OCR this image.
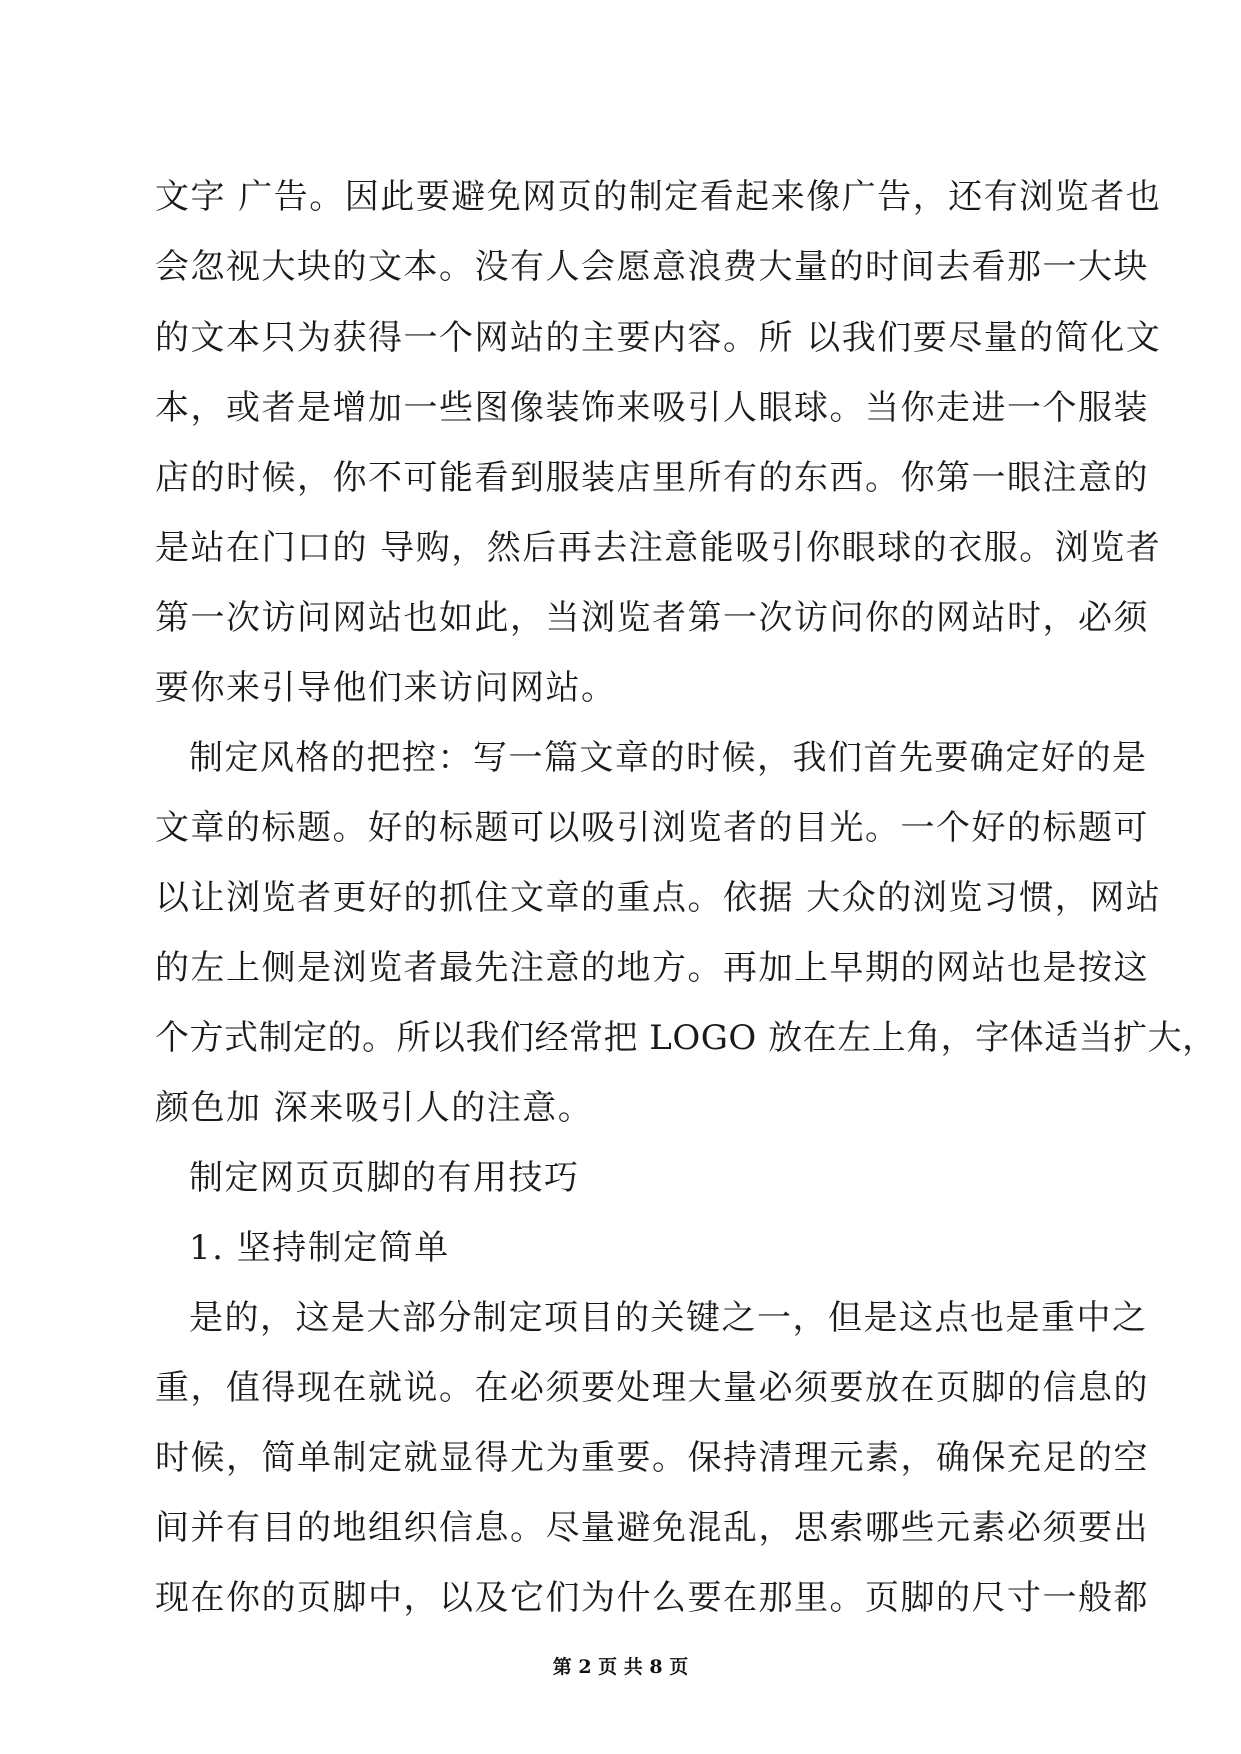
文字 广告。因此要避免网页的制定看起来像广告，还有浏览者也
会忽视大块的文本。没有人会愿意浪费大量的时间去看那一大块
的文本只为获得一个网站的主要内容。所 以我们要尽量的简化文
本，或者是增加一些图像装饰来吸引人眼球。当你走进一个服装
店的时候，你不可能看到服装店里所有的东西。你第一眼注意的
是站在门口的 导购，然后再去注意能吸引你眼球的衣服。浏览者
第一次访问网站也如此，当浏览者第一次访问你的网站时，必须
要你来引导他们来访问网站。
制定风格的把控：写一篇文章的时候，我们首先要确定好的是
文章的标题。好的标题可以吸引浏览者的目光。一个好的标题可
以让浏览者更好的抓住文章的重点。依据 大众的浏览习惯，网站
的左上侧是浏览者最先注意的地方。再加上早期的网站也是按这
个方式制定的。所以我们经常把 LOGO 放在左上角，字体适当扩大，
颜色加 深来吸引人的注意。
制定网页页脚的有用技巧
1. 坚持制定简单
是的，这是大部分制定项目的关键之一，但是这点也是重中之
重，值得现在就说。在必须要处理大量必须要放在页脚的信息的
时候，简单制定就显得尤为重要。保持清理元素，确保充足的空
间并有目的地组织信息。尽量避免混乱，思索哪些元素必须要出
现在你的页脚中，以及它们为什么要在那里。页脚的尺寸一般都
第 2 页 共 8 页
